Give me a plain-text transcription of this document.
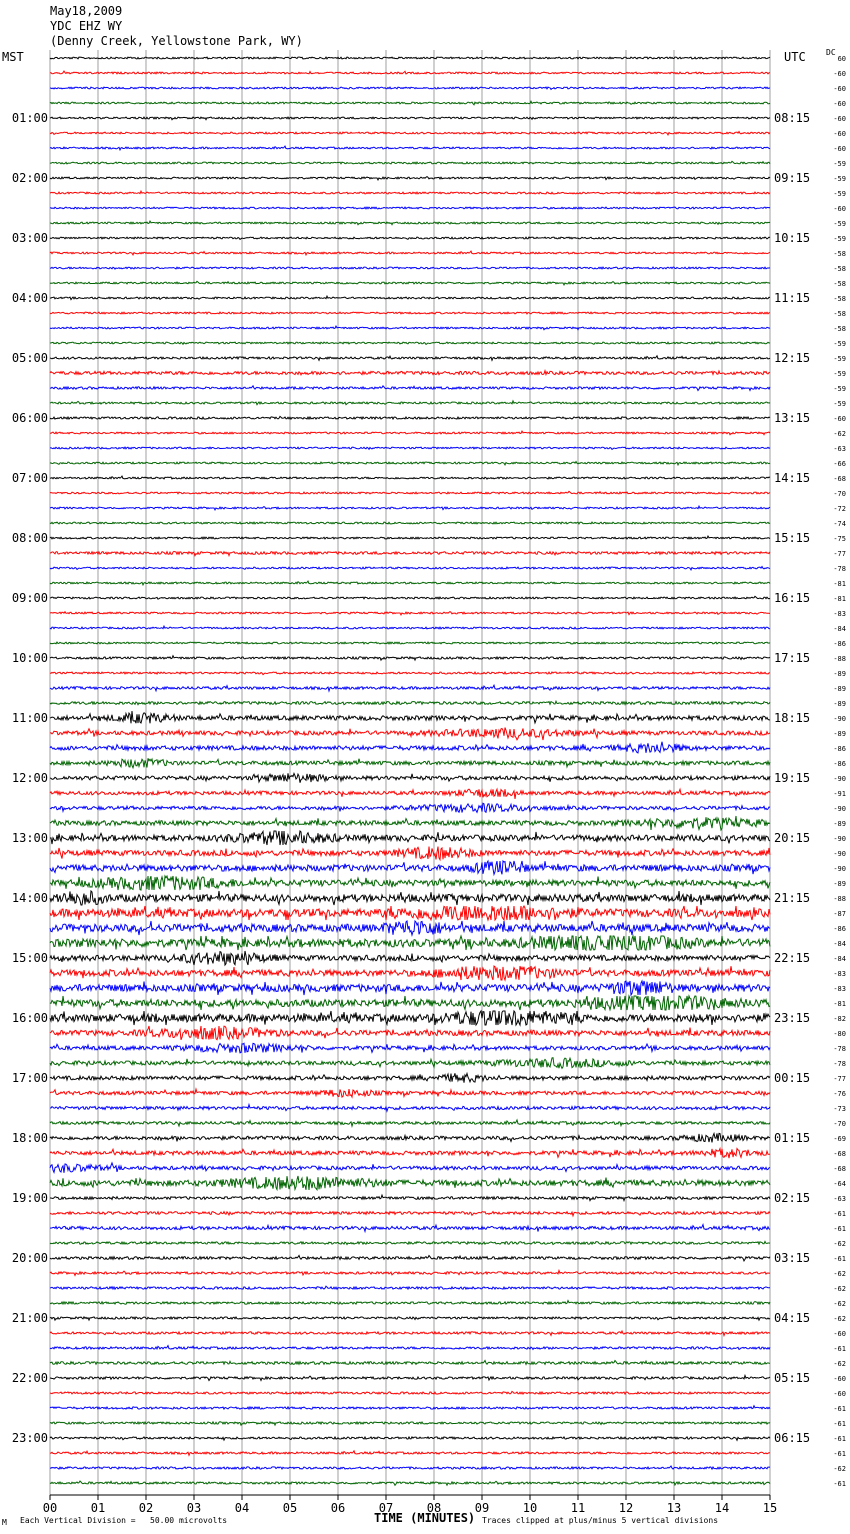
May18,2009
YDC EHZ WY
(Denny Creek, Yellowstone Park, WY)
MST	UTC	DC
01:00
02:00
03:00
04:00
05:00
06:00
07:00
08:00
09:00
10:00
11:00
12:00
13:00
14:00
15:00
16:00
17:00
18:00
19:00
20:00
21:00
22:00
23:00
08:15
09:15
10:15
11:15
12:15
13:15
14:15
15:15
16:15
17:15
18:15
19:15
20:15
21:15
22:15
23:15
00:15
01:15
02:15
03:15
04:15
05:15
06:15
60
-60
-60
-60
-60
-60
-60
-59
-59
-59
-60
-59
-59
-58
-58
-58
-58
-58
-58
-59
-59
-59
-59
-59
-60
-62
-63
-66
-68
-70
-72
-74
-75
-77
-78
-81
-81
-83
-84
-86
-88
-89
-89
-89
-90
-89
-86
-86
-90
-91
-90
-89
-90
-90
-90
-89
-88
-87
-86
-84
-84
-83
-83
-81
-82
-80
-78
-78
-77
-76
-73
-70
-69
-68
-68
-64
-63
-61
-61
-62
-61
-62
-62
-62
-62
-60
-61
-62
-60
-60
-61
-61
-61
-61
-62
-61
00	01	02	03	04	05	06	07	08	09	10	11	12	13	14	15
M Each Vertical Division =   50.00 microvolts	TIME (MINUTES) Traces clipped at plus/minus 5 vertical divisions
